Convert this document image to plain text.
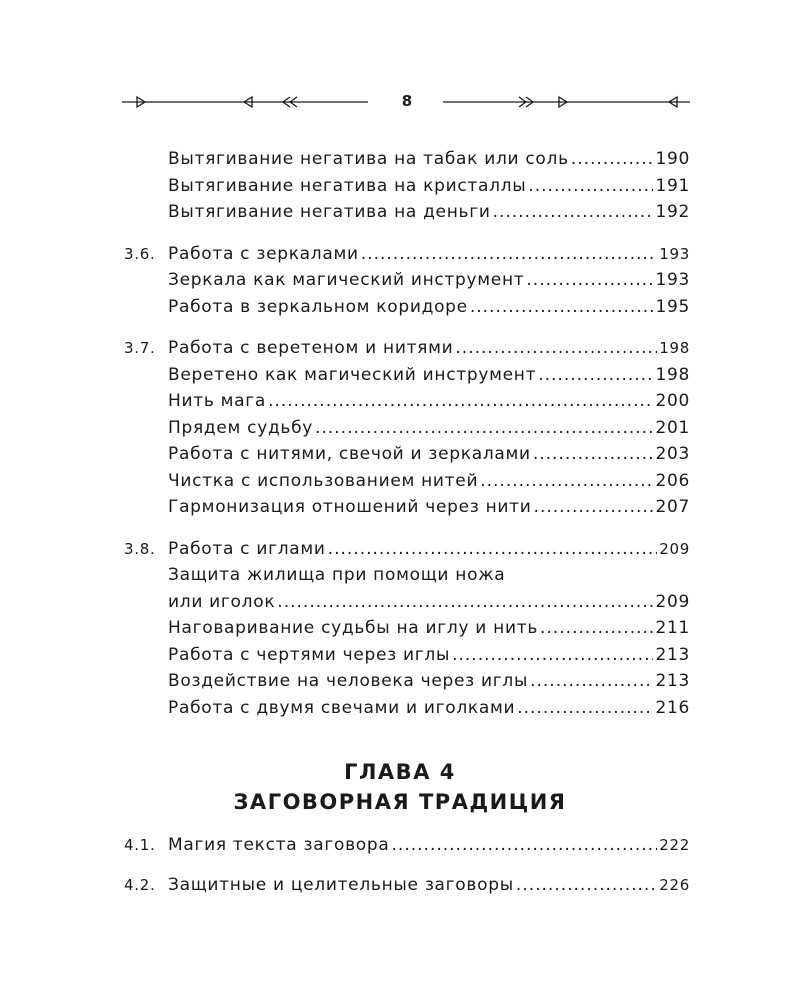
8
Вытягивание негатива на табак или соль .....	190
Вытягивание негатива на кристаллы .....	191
Вытягивание негатива на деньги .....	192
3.6. Работа с зеркалами .....	193
Зеркала как магический инструмент .....	193
Работа в зеркальном коридоре .....	195
3.7. Работа с веретеном и нитями .....	198
Веретено как магический инструмент .....	198
Нить мага .....	200
Прядем судьбу .....	201
Работа с нитями, свечой и зеркалами .....	203
Чистка с использованием нитей .....	206
Гармонизация отношений через нити .....	207
3.8. Работа с иглами .....	209
Защита жилища при помощи ножа
или иголок .....	209
Наговаривание судьбы на иглу и нить .....	211
Работа с чертями через иглы .....	213
Воздействие на человека через иглы .....	213
Работа с двумя свечами и иголками .....	216
ГЛАВА 4
ЗАГОВОРНАЯ ТРАДИЦИЯ
4.1. Магия текста заговора .....	222
4.2. Защитные и целительные заговоры .....	226
